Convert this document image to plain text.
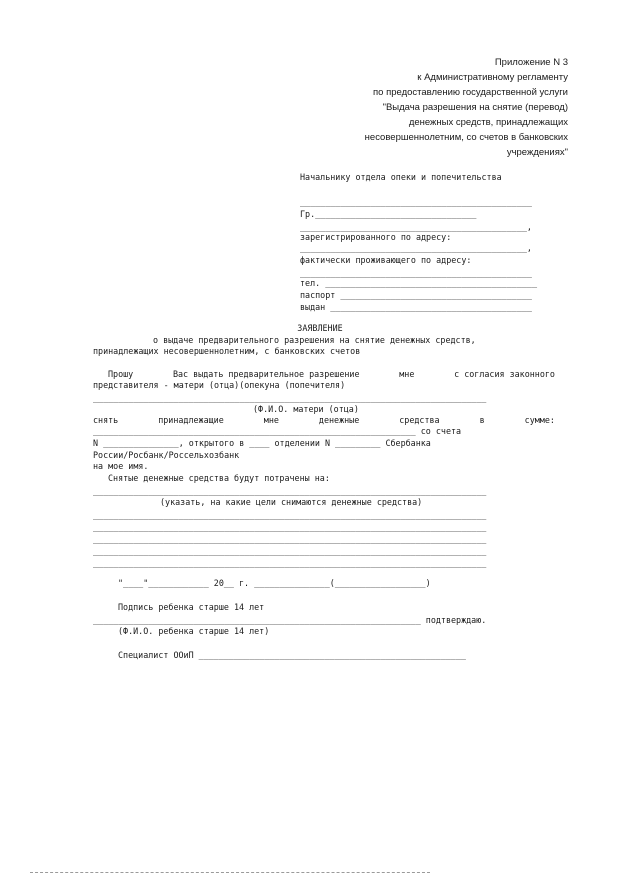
Приложение N 3
к Административному регламенту
по предоставлению государственной услуги
"Выдача разрешения на снятие (перевод)
денежных средств, принадлежащих
несовершеннолетним, со счетов в банковских
учреждениях"
Начальнику отдела опеки и попечительства
______________________________________________
Гр.________________________________
_____________________________________________,
зарегистрированного по адресу:
_____________________________________________,
фактически проживающего по адресу:
______________________________________________
тел. __________________________________________
паспорт ______________________________________
выдан ________________________________________
ЗАЯВЛЕНИЕ
о выдаче предварительного разрешения на снятие денежных средств,
принадлежащих несовершеннолетним, с банковских счетов
Прошу	Вас выдать предварительное разрешение	мне	с согласия законного
представителя - матери (отца)(опекуна (попечителя)
______________________________________________________________________________
(Ф.И.О. матери (отца)
снять	принадлежащие	мне	денежные	средства	в	сумме:
________________________________________________________________ со счета
N _______________, открытого в ____ отделении N _________ Сбербанка
России/Росбанк/Россельхозбанк
на мое имя.
Снятые денежные средства будут потрачены на:
______________________________________________________________________________
(указать, на какие цели снимаются денежные средства)
______________________________________________________________________________
______________________________________________________________________________
______________________________________________________________________________
______________________________________________________________________________
______________________________________________________________________________
"____"____________ 20__ г. _______________(__________________)
Подпись ребенка старше 14 лет
_________________________________________________________________ подтверждаю.
(Ф.И.О. ребенка старше 14 лет)
Специалист ООиП _____________________________________________________
